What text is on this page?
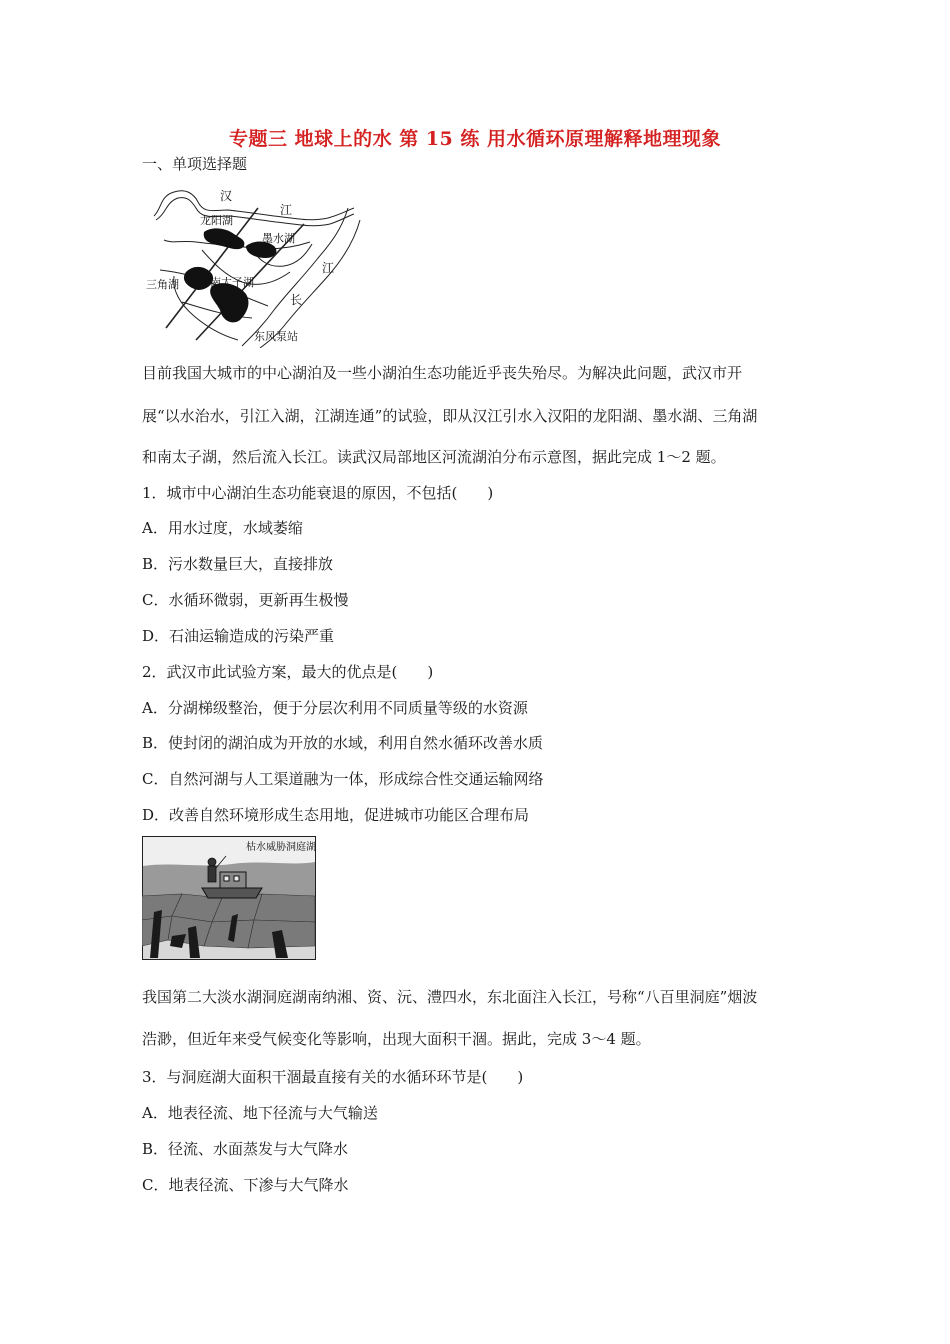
专题三 地球上的水 第 15 练 用水循环原理解释地理现象
一、单项选择题
汉
江
龙阳湖
墨水湖
江
三角湖	南太子湖
长
东风泵站
目前我国大城市的中心湖泊及一些小湖泊生态功能近乎丧失殆尽。为解决此问题，武汉市开
展“以水治水，引江入湖，江湖连通”的试验，即从汉江引水入汉阳的龙阳湖、墨水湖、三角湖
和南太子湖，然后流入长江。读武汉局部地区河流湖泊分布示意图，据此完成 1～2 题。
1．城市中心湖泊生态功能衰退的原因，不包括(　　)
A．用水过度，水域萎缩
B．污水数量巨大，直接排放
C．水循环微弱，更新再生极慢
D．石油运输造成的污染严重
2．武汉市此试验方案，最大的优点是(　　)
A．分湖梯级整治，便于分层次利用不同质量等级的水资源
B．使封闭的湖泊成为开放的水域，利用自然水循环改善水质
C．自然河湖与人工渠道融为一体，形成综合性交通运输网络
D．改善自然环境形成生态用地，促进城市功能区合理布局
枯水威胁洞庭湖
我国第二大淡水湖洞庭湖南纳湘、资、沅、澧四水，东北面注入长江，号称“八百里洞庭”烟波
浩渺，但近年来受气候变化等影响，出现大面积干涸。据此，完成 3～4 题。
3．与洞庭湖大面积干涸最直接有关的水循环环节是(　　)
A．地表径流、地下径流与大气输送
B．径流、水面蒸发与大气降水
C．地表径流、下渗与大气降水
